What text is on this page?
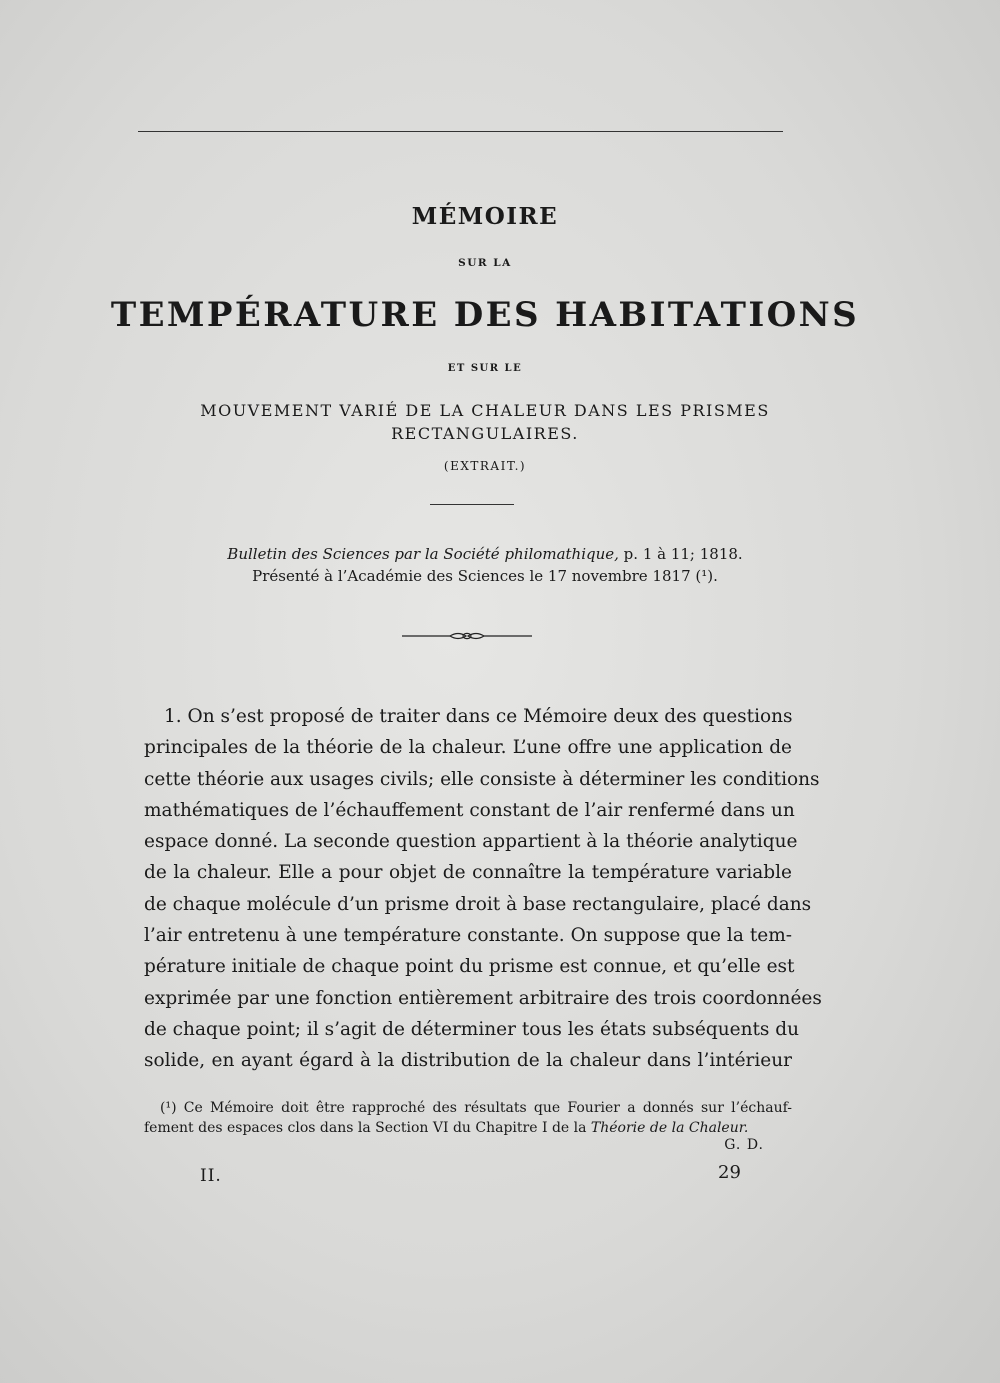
MÉMOIRE
SUR LA
TEMPÉRATURE DES HABITATIONS
ET SUR LE
MOUVEMENT VARIÉ DE LA CHALEUR DANS LES PRISMES
RECTANGULAIRES.
(EXTRAIT.)
Bulletin des Sciences par la Société philomathique, p. 1 à 11; 1818.
Présenté à l’Académie des Sciences le 17 novembre 1817 (¹).
1. On s’est proposé de traiter dans ce Mémoire deux des questions
principales de la théorie de la chaleur. L’une offre une application de
cette théorie aux usages civils; elle consiste à déterminer les conditions
mathématiques de l’échauffement constant de l’air renfermé dans un
espace donné. La seconde question appartient à la théorie analytique
de la chaleur. Elle a pour objet de connaître la température variable
de chaque molécule d’un prisme droit à base rectangulaire, placé dans
l’air entretenu à une température constante. On suppose que la tem-
pérature initiale de chaque point du prisme est connue, et qu’elle est
exprimée par une fonction entièrement arbitraire des trois coordonnées
de chaque point; il s’agit de déterminer tous les états subséquents du
solide, en ayant égard à la distribution de la chaleur dans l’intérieur
(¹) Ce Mémoire doit être rapproché des résultats que Fourier a donnés sur l’échauf-
fement des espaces clos dans la Section VI du Chapitre I de la Théorie de la Chaleur.
G. D.
II.	29
